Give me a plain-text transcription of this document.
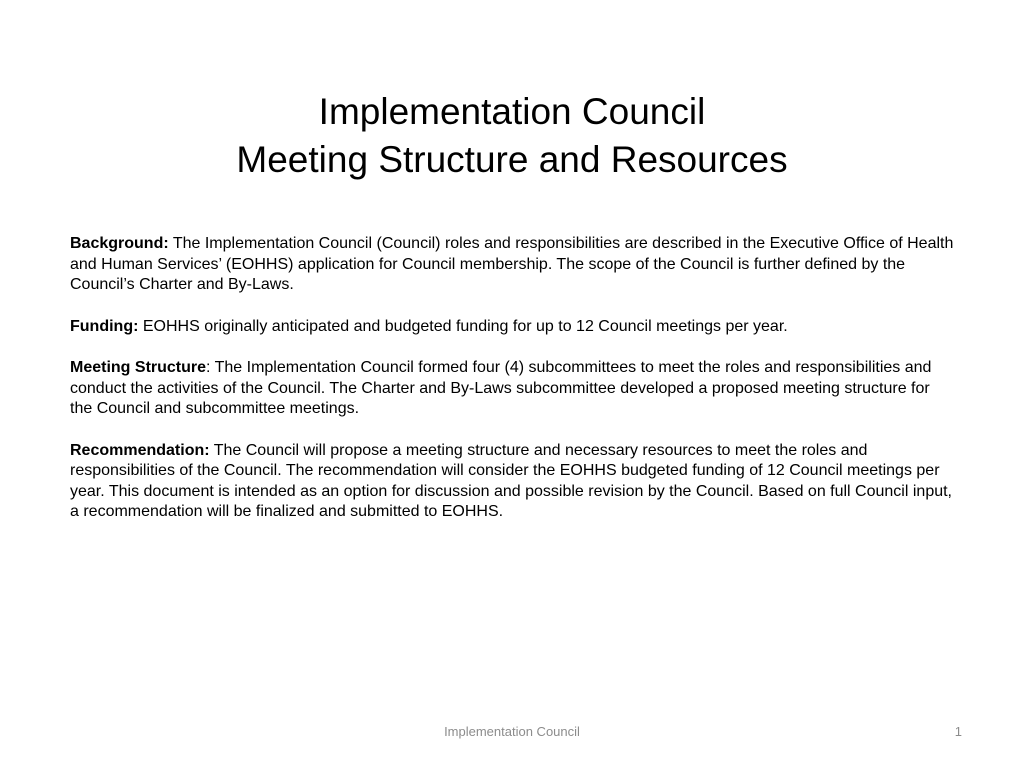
Implementation Council
Meeting Structure and Resources

Background: The Implementation Council (Council) roles and responsibilities are described in the Executive Office of Health and Human Services’ (EOHHS) application for Council membership. The scope of the Council is further defined by the Council’s Charter and By-Laws.

Funding: EOHHS originally anticipated and budgeted funding for up to 12 Council meetings per year.

Meeting Structure: The Implementation Council formed four (4) subcommittees to meet the roles and responsibilities and conduct the activities of the Council. The Charter and By-Laws subcommittee developed a proposed meeting structure for the Council and subcommittee meetings.

Recommendation: The Council will propose a meeting structure and necessary resources to meet the roles and responsibilities of the Council. The recommendation will consider the EOHHS budgeted funding of 12 Council meetings per year. This document is intended as an option for discussion and possible revision by the Council. Based on full Council input, a recommendation will be finalized and submitted to EOHHS.

Implementation Council	1
